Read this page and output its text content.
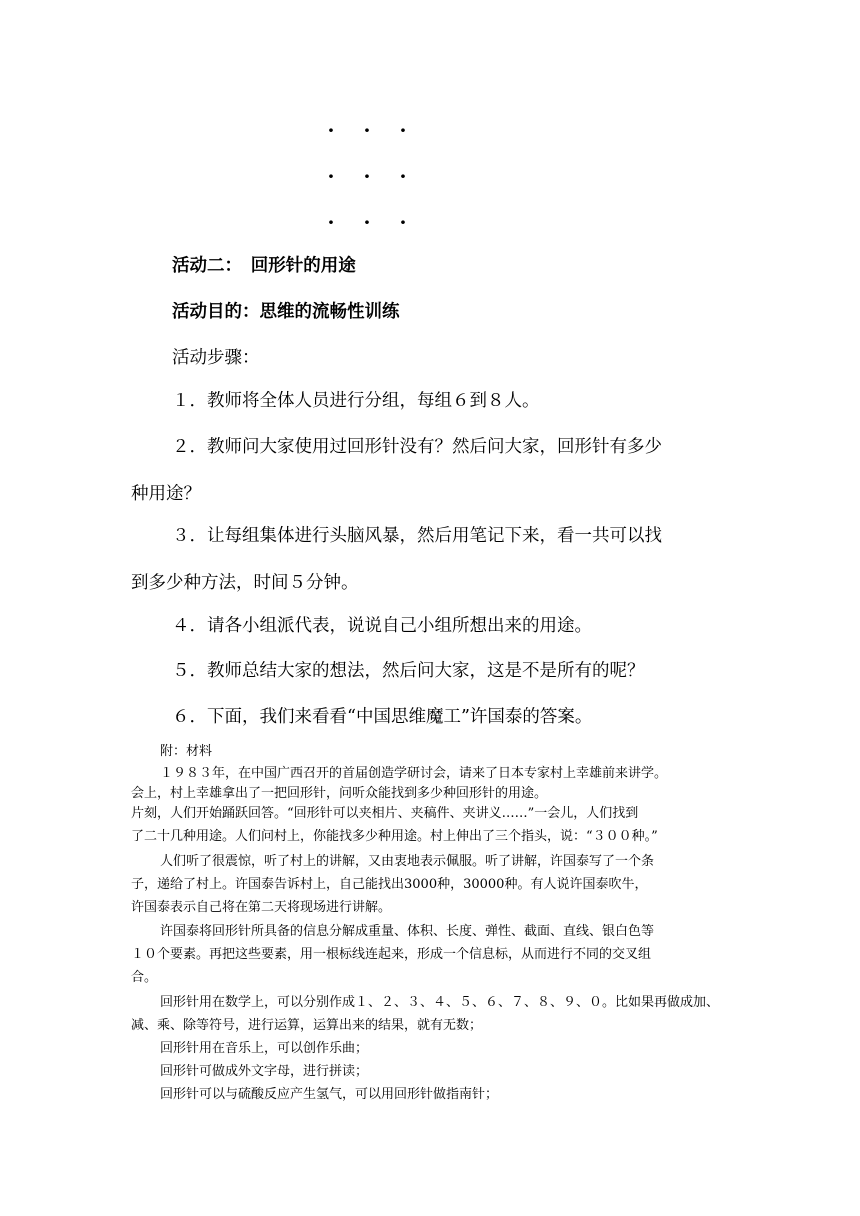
· · ·
· · ·
· · ·
活动二：　回形针的用途
活动目的：思维的流畅性训练
活动步骤：
１．教师将全体人员进行分组，每组６到８人。
２．教师问大家使用过回形针没有？然后问大家，回形针有多少
种用途？
３．让每组集体进行头脑风暴，然后用笔记下来，看一共可以找
到多少种方法，时间５分钟。
４．请各小组派代表，说说自己小组所想出来的用途。
５．教师总结大家的想法，然后问大家，这是不是所有的呢？
６．下面，我们来看看“中国思维魔工”许国泰的答案。
附：材料
１９８３年，在中国广西召开的首届创造学研讨会，请来了日本专家村上幸雄前来讲学。
会上，村上幸雄拿出了一把回形针，问听众能找到多少种回形针的用途。
片刻，人们开始踊跃回答。“回形针可以夹相片、夹稿件、夹讲义……”一会儿，人们找到
了二十几种用途。人们问村上，你能找多少种用途。村上伸出了三个指头，说：“３００种。”
人们听了很震惊，听了村上的讲解，又由衷地表示佩服。听了讲解，许国泰写了一个条
子，递给了村上。许国泰告诉村上，自己能找出3000种，30000种。有人说许国泰吹牛，
许国泰表示自己将在第二天将现场进行讲解。
许国泰将回形针所具备的信息分解成重量、体积、长度、弹性、截面、直线、银白色等
１０个要素。再把这些要素，用一根标线连起来，形成一个信息标，从而进行不同的交叉组
合。
回形针用在数学上，可以分别作成１、２、３、４、５、６、７、８、９、０。比如果再做成加、
减、乘、除等符号，进行运算，运算出来的结果，就有无数；
回形针用在音乐上，可以创作乐曲；
回形针可做成外文字母，进行拼读；
回形针可以与硫酸反应产生氢气，可以用回形针做指南针；
